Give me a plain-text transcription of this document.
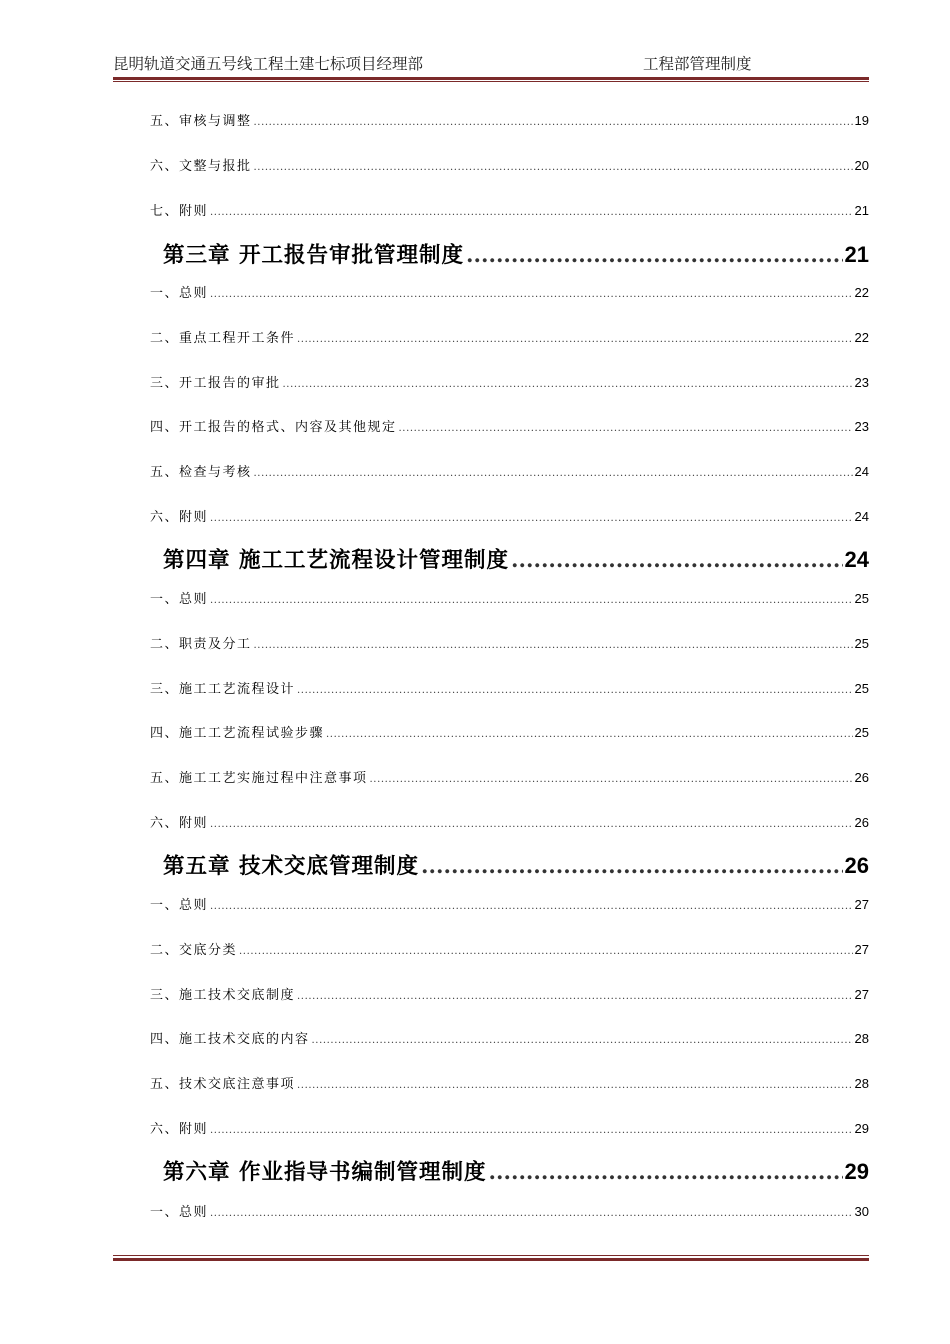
昆明轨道交通五号线工程土建七标项目经理部	工程部管理制度
五、审核与调整 .....	19
六、文整与报批 .....	20
七、附则 .....	21
第三章 开工报告审批管理制度 .....	21
一、总则 .....	22
二、重点工程开工条件 .....	22
三、开工报告的审批 .....	23
四、开工报告的格式、内容及其他规定 .....	23
五、检查与考核 .....	24
六、附则 .....	24
第四章 施工工艺流程设计管理制度 .....	24
一、总则 .....	25
二、职责及分工 .....	25
三、施工工艺流程设计 .....	25
四、施工工艺流程试验步骤 .....	25
五、施工工艺实施过程中注意事项 .....	26
六、附则 .....	26
第五章 技术交底管理制度 .....	26
一、总则 .....	27
二、交底分类 .....	27
三、施工技术交底制度 .....	27
四、施工技术交底的内容 .....	28
五、技术交底注意事项 .....	28
六、附则 .....	29
第六章 作业指导书编制管理制度 .....	29
一、总则 .....	30
